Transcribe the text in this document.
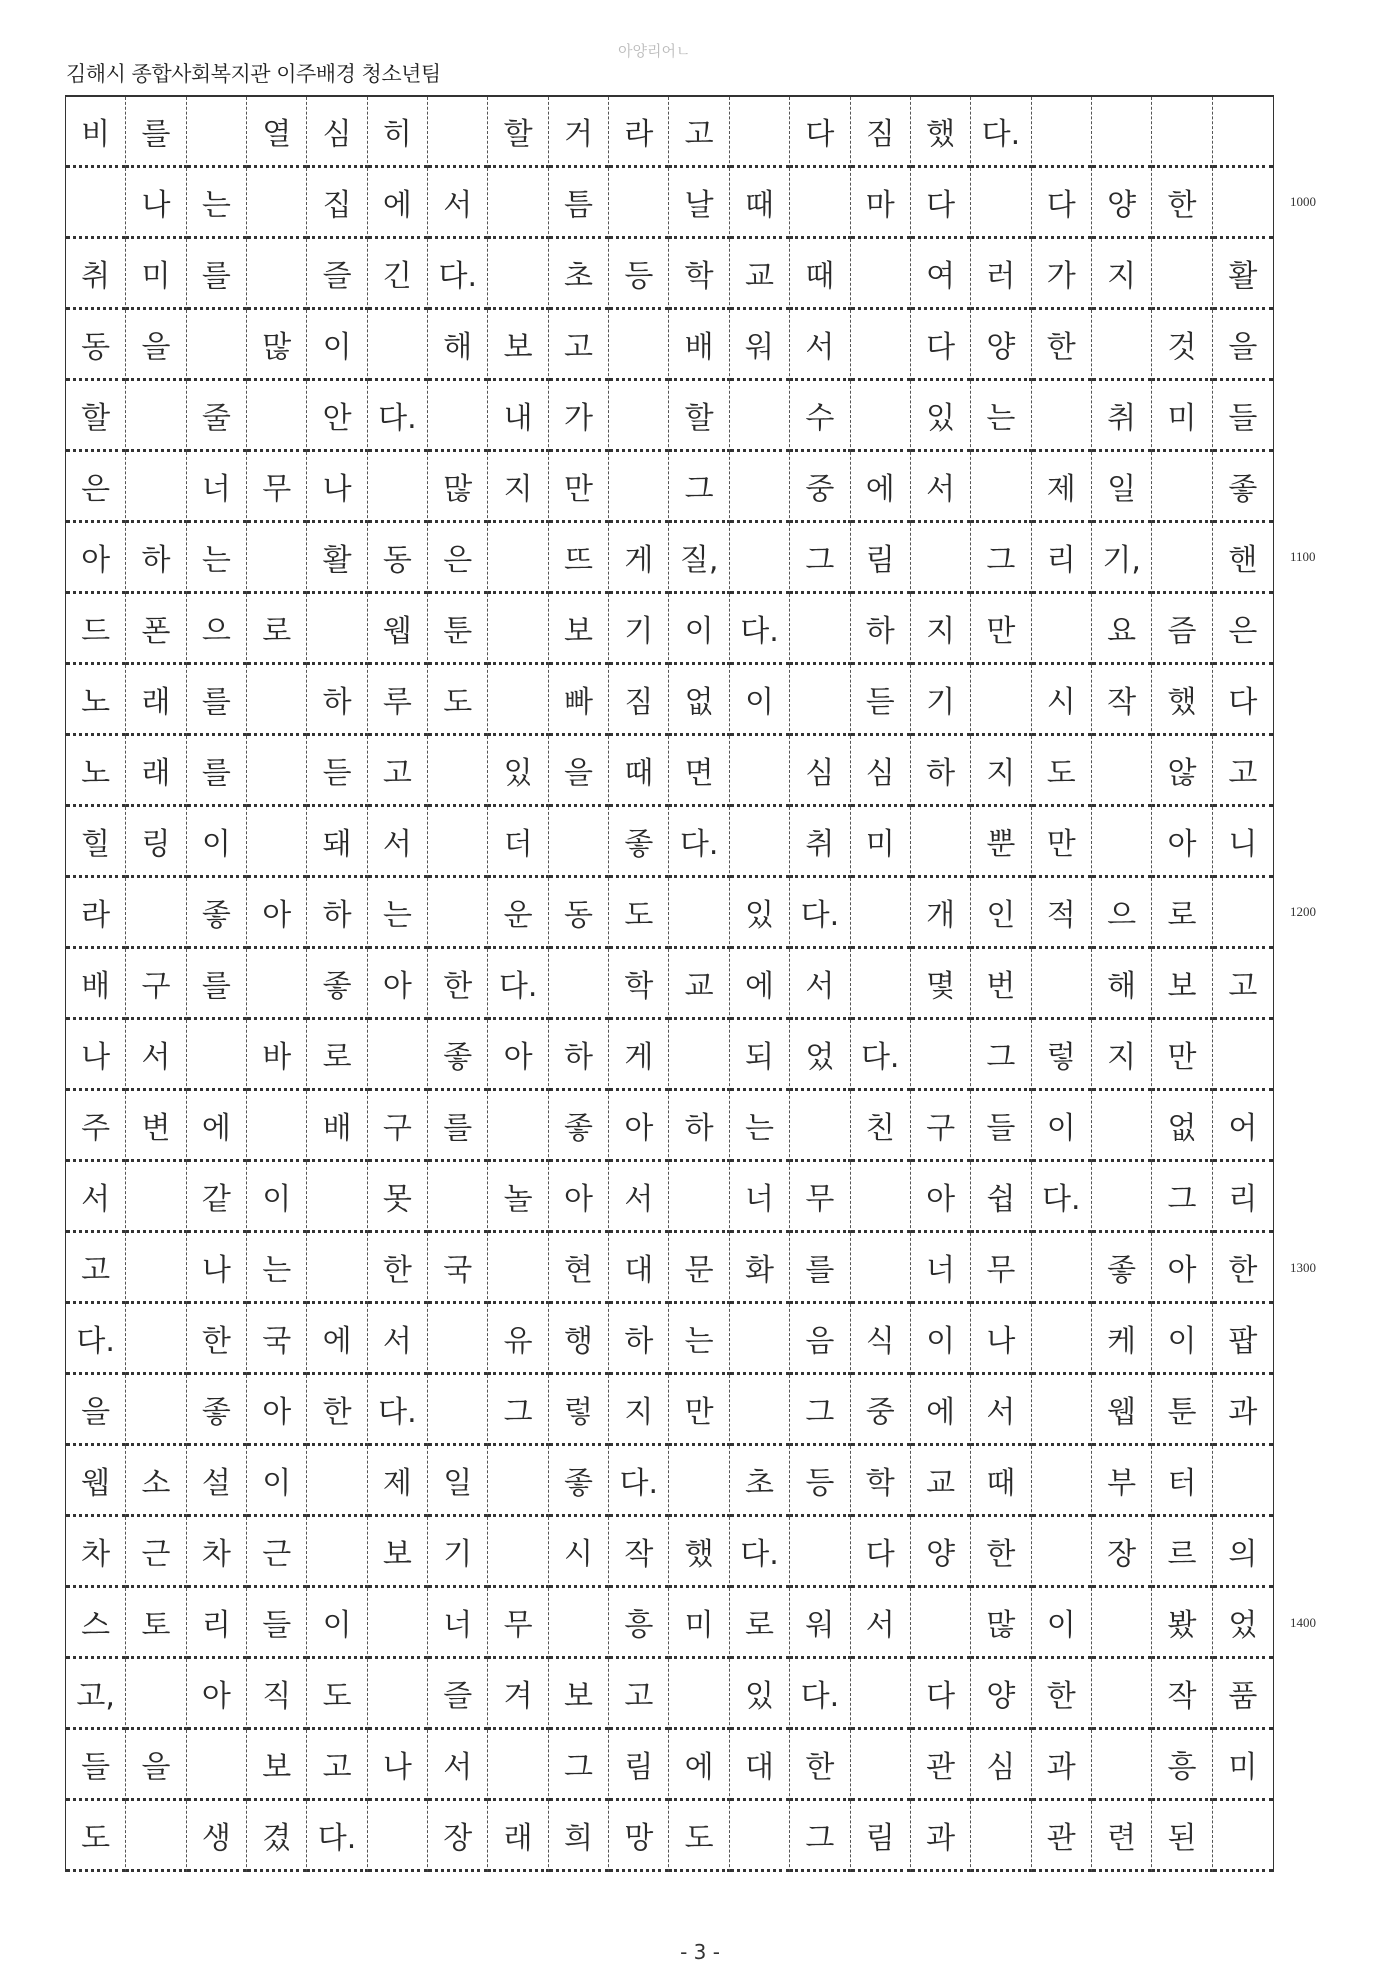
아양리어ㄴ
김해시 종합사회복지관 이주배경 청소년팀
비	를	열	심	히	할	거	라	고	다	짐	했 다.
나	는	집	에	서	틈	날	때	마	다	다	양	한
취	미	를	즐	긴 다.	초	등	학	교	때	여	러	가	지	활
동	을	많	이	해	보	고	배	워	서	다	양	한	것	을
할	줄	안 다.	내	가	할	수	있	는	취	미	들
은	너	무	나	많	지	만	그	중	에	서	제	일	좋
아	하	는	활	동	은	뜨	게 질,	그	림	그	리 기,	핸
드	폰	으	로	웹	툰	보	기	이 다.	하	지	만	요	즘	은
노	래	를	하	루	도	빠	짐	없	이	듣	기	시	작	했	다
노	래	를	듣	고	있	을	때	면	심	심	하	지	도	않	고
힐	링	이	돼	서	더	좋 다.	취	미	뿐	만	아	니
라	좋	아	하	는	운	동	도	있 다.	개	인	적	으	로
배	구	를	좋	아	한 다.	학	교	에	서	몇	번	해	보	고
나	서	바	로	좋	아	하	게	되	었 다.	그	렇	지	만
주	변	에	배	구	를	좋	아	하	는	친	구	들	이	없	어
서	같	이	못	놀	아	서	너	무	아	쉽 다.	그	리
고	나	는	한	국	현	대	문	화	를	너	무	좋	아	한
다.	한	국	에	서	유	행	하	는	음	식	이	나	케	이	팝
을	좋	아	한 다.	그	렇	지	만	그	중	에	서	웹	툰	과
웹	소	설	이	제	일	좋 다.	초	등	학	교	때	부	터
차	근	차	근	보	기	시	작	했 다.	다	양	한	장	르	의
스	토	리	들	이	너	무	흥	미	로	워	서	많	이	봤	었
고,	아	직	도	즐	겨	보	고	있 다.	다	양	한	작	품
들	을	보	고	나	서	그	림	에	대	한	관	심	과	흥	미
도	생	겼 다.	장	래	희	망	도	그	림	과	관	련	된
1000
1100
1200
1300
1400
- 3 -
